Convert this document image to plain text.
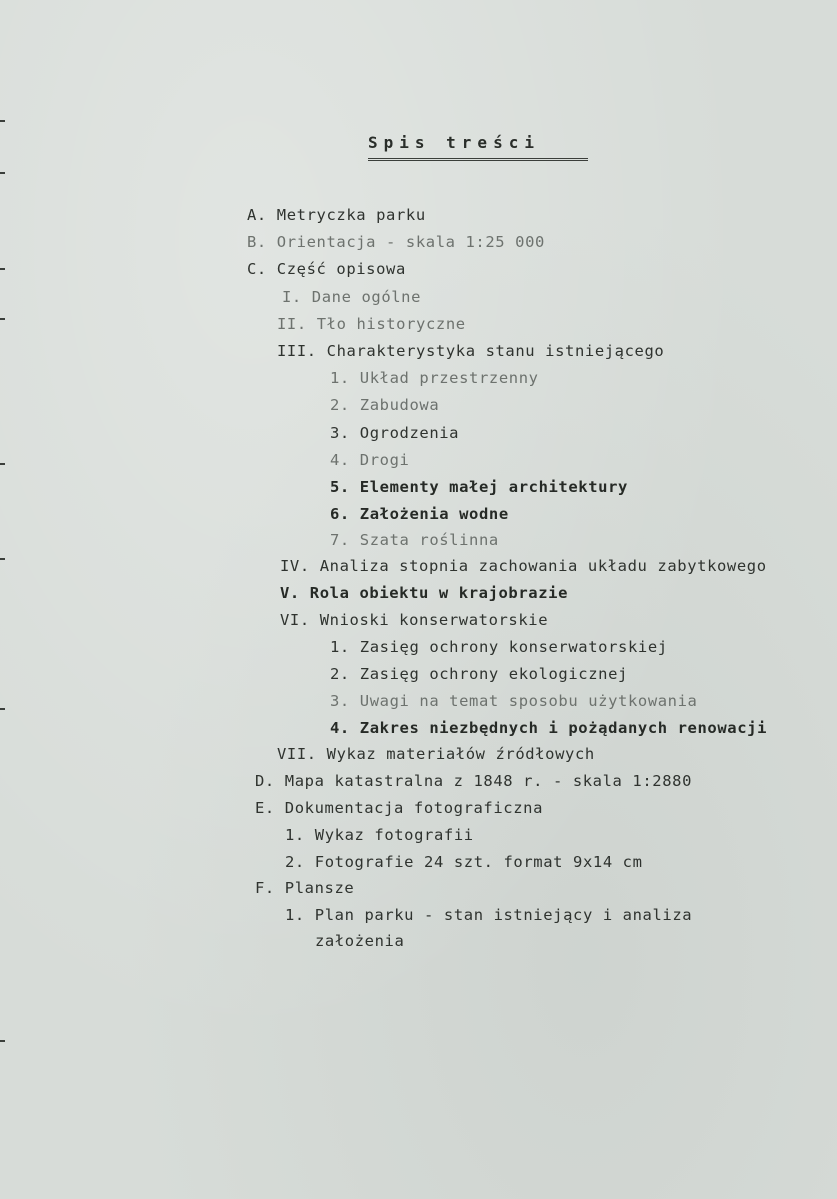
Spis treści
A. Metryczka parku
B. Orientacja - skala 1:25 000
C. Część opisowa
I. Dane ogólne
II. Tło historyczne
III. Charakterystyka stanu istniejącego
1. Układ przestrzenny
2. Zabudowa
3. Ogrodzenia
4. Drogi
5. Elementy małej architektury
6. Założenia wodne
7. Szata roślinna
IV. Analiza stopnia zachowania układu zabytkowego
V. Rola obiektu w krajobrazie
VI. Wnioski konserwatorskie
1. Zasięg ochrony konserwatorskiej
2. Zasięg ochrony ekologicznej
3. Uwagi na temat sposobu użytkowania
4. Zakres niezbędnych i pożądanych renowacji
VII. Wykaz materiałów źródłowych
D. Mapa katastralna z 1848 r. - skala 1:2880
E. Dokumentacja fotograficzna
1. Wykaz fotografii
2. Fotografie 24 szt. format 9x14 cm
F. Plansze
1. Plan parku - stan istniejący i analiza
założenia
